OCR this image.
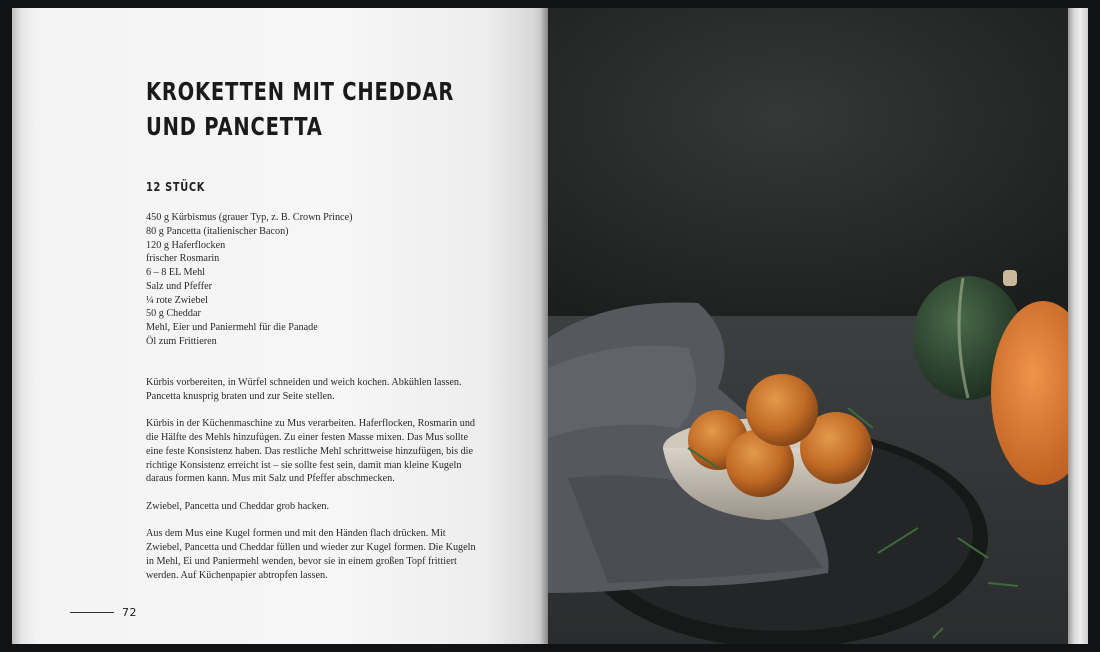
KROKETTEN MIT CHEDDAR
UND PANCETTA
12 STÜCK
450 g Kürbismus (grauer Typ, z. B. Crown Prince)
80 g Pancetta (italienischer Bacon)
120 g Haferflocken
frischer Rosmarin
6 – 8 EL Mehl
Salz und Pfeffer
¼ rote Zwiebel
50 g Cheddar
Mehl, Eier und Paniermehl für die Panade
Öl zum Frittieren

Kürbis vorbereiten, in Würfel schneiden und weich kochen. Abkühlen lassen. Pancetta knusprig braten und zur Seite stellen.

Kürbis in der Küchenmaschine zu Mus verarbeiten. Haferflocken, Rosmarin und die Hälfte des Mehls hinzufügen. Zu einer festen Masse mixen. Das Mus sollte eine feste Konsistenz haben. Das restliche Mehl schrittweise hinzufügen, bis die richtige Konsistenz erreicht ist – sie sollte fest sein, damit man kleine Kugeln daraus formen kann. Mus mit Salz und Pfeffer abschmecken.

Zwiebel, Pancetta und Cheddar grob hacken.

Aus dem Mus eine Kugel formen und mit den Händen flach drücken. Mit Zwiebel, Pancetta und Cheddar füllen und wieder zur Kugel formen. Die Kugeln in Mehl, Ei und Paniermehl wenden, bevor sie in einem großen Topf frittiert werden. Auf Küchenpapier abtropfen lassen.

72
